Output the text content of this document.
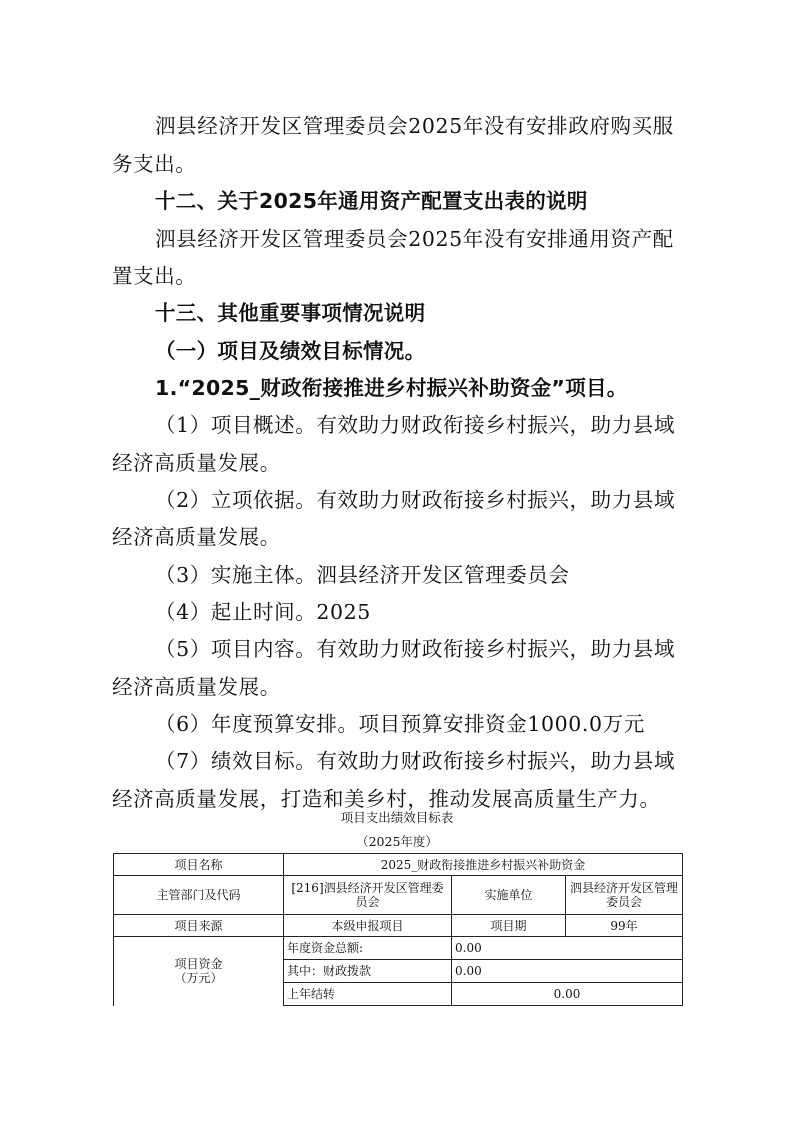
泗县经济开发区管理委员会2025年没有安排政府购买服
务支出。
十二、关于2025年通用资产配置支出表的说明
泗县经济开发区管理委员会2025年没有安排通用资产配
置支出。
十三、其他重要事项情况说明
（一）项目及绩效目标情况。
1.“2025_财政衔接推进乡村振兴补助资金”项目。
（1）项目概述。有效助力财政衔接乡村振兴，助力县域
经济高质量发展。
（2）立项依据。有效助力财政衔接乡村振兴，助力县域
经济高质量发展。
（3）实施主体。泗县经济开发区管理委员会
（4）起止时间。2025
（5）项目内容。有效助力财政衔接乡村振兴，助力县域
经济高质量发展。
（6）年度预算安排。项目预算安排资金1000.0万元
（7）绩效目标。有效助力财政衔接乡村振兴，助力县域
经济高质量发展，打造和美乡村，推动发展高质量生产力。
项目支出绩效目标表
（2025年度）
项目名称	2025_财政衔接推进乡村振兴补助资金		
主管部门及代码	[216]泗县经济开发区管理委员会	实施单位	泗县经济开发区管理委员会
项目来源	本级申报项目	项目期	99年

项目资金
（万元）	年度资金总额:	0.00	
	其中：财政拨款	0.00	
	上年结转	0.00	
